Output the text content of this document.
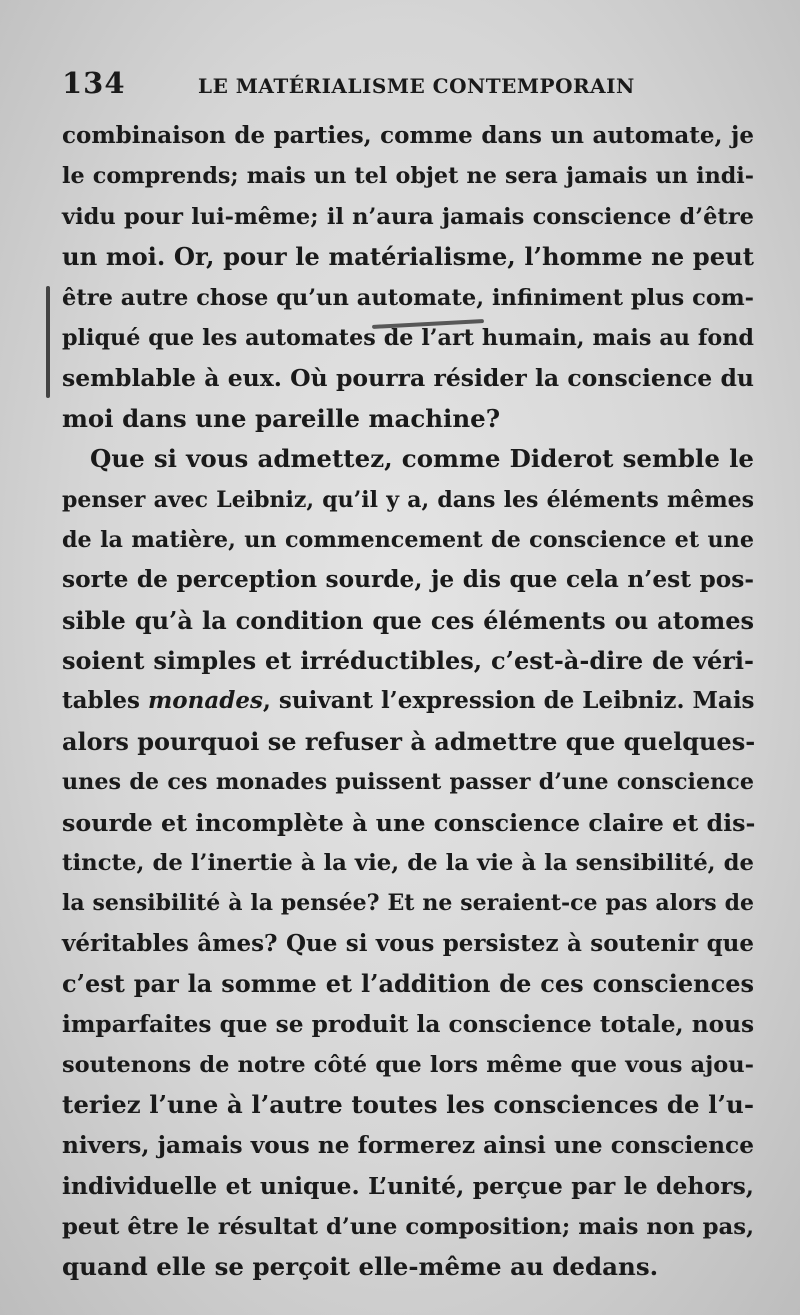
134	LE MATÉRIALISME CONTEMPORAIN
combinaison de parties, comme dans un automate, je
le comprends; mais un tel objet ne sera jamais un indi-
vidu pour lui-même; il n’aura jamais conscience d’être
un moi. Or, pour le matérialisme, l’homme ne peut
être autre chose qu’un automate, infiniment plus com-
pliqué que les automates de l’art humain, mais au fond
semblable à eux. Où pourra résider la conscience du
moi dans une pareille machine?
Que si vous admettez, comme Diderot semble le
penser avec Leibniz, qu’il y a, dans les éléments mêmes
de la matière, un commencement de conscience et une
sorte de perception sourde, je dis que cela n’est pos-
sible qu’à la condition que ces éléments ou atomes
soient simples et irréductibles, c’est-à-dire de véri-
tables monades, suivant l’expression de Leibniz. Mais
alors pourquoi se refuser à admettre que quelques-
unes de ces monades puissent passer d’une conscience
sourde et incomplète à une conscience claire et dis-
tincte, de l’inertie à la vie, de la vie à la sensibilité, de
la sensibilité à la pensée? Et ne seraient-ce pas alors de
véritables âmes? Que si vous persistez à soutenir que
c’est par la somme et l’addition de ces consciences
imparfaites que se produit la conscience totale, nous
soutenons de notre côté que lors même que vous ajou-
teriez l’une à l’autre toutes les consciences de l’u-
nivers, jamais vous ne formerez ainsi une conscience
individuelle et unique. L’unité, perçue par le dehors,
peut être le résultat d’une composition; mais non pas,
quand elle se perçoit elle-même au dedans.
